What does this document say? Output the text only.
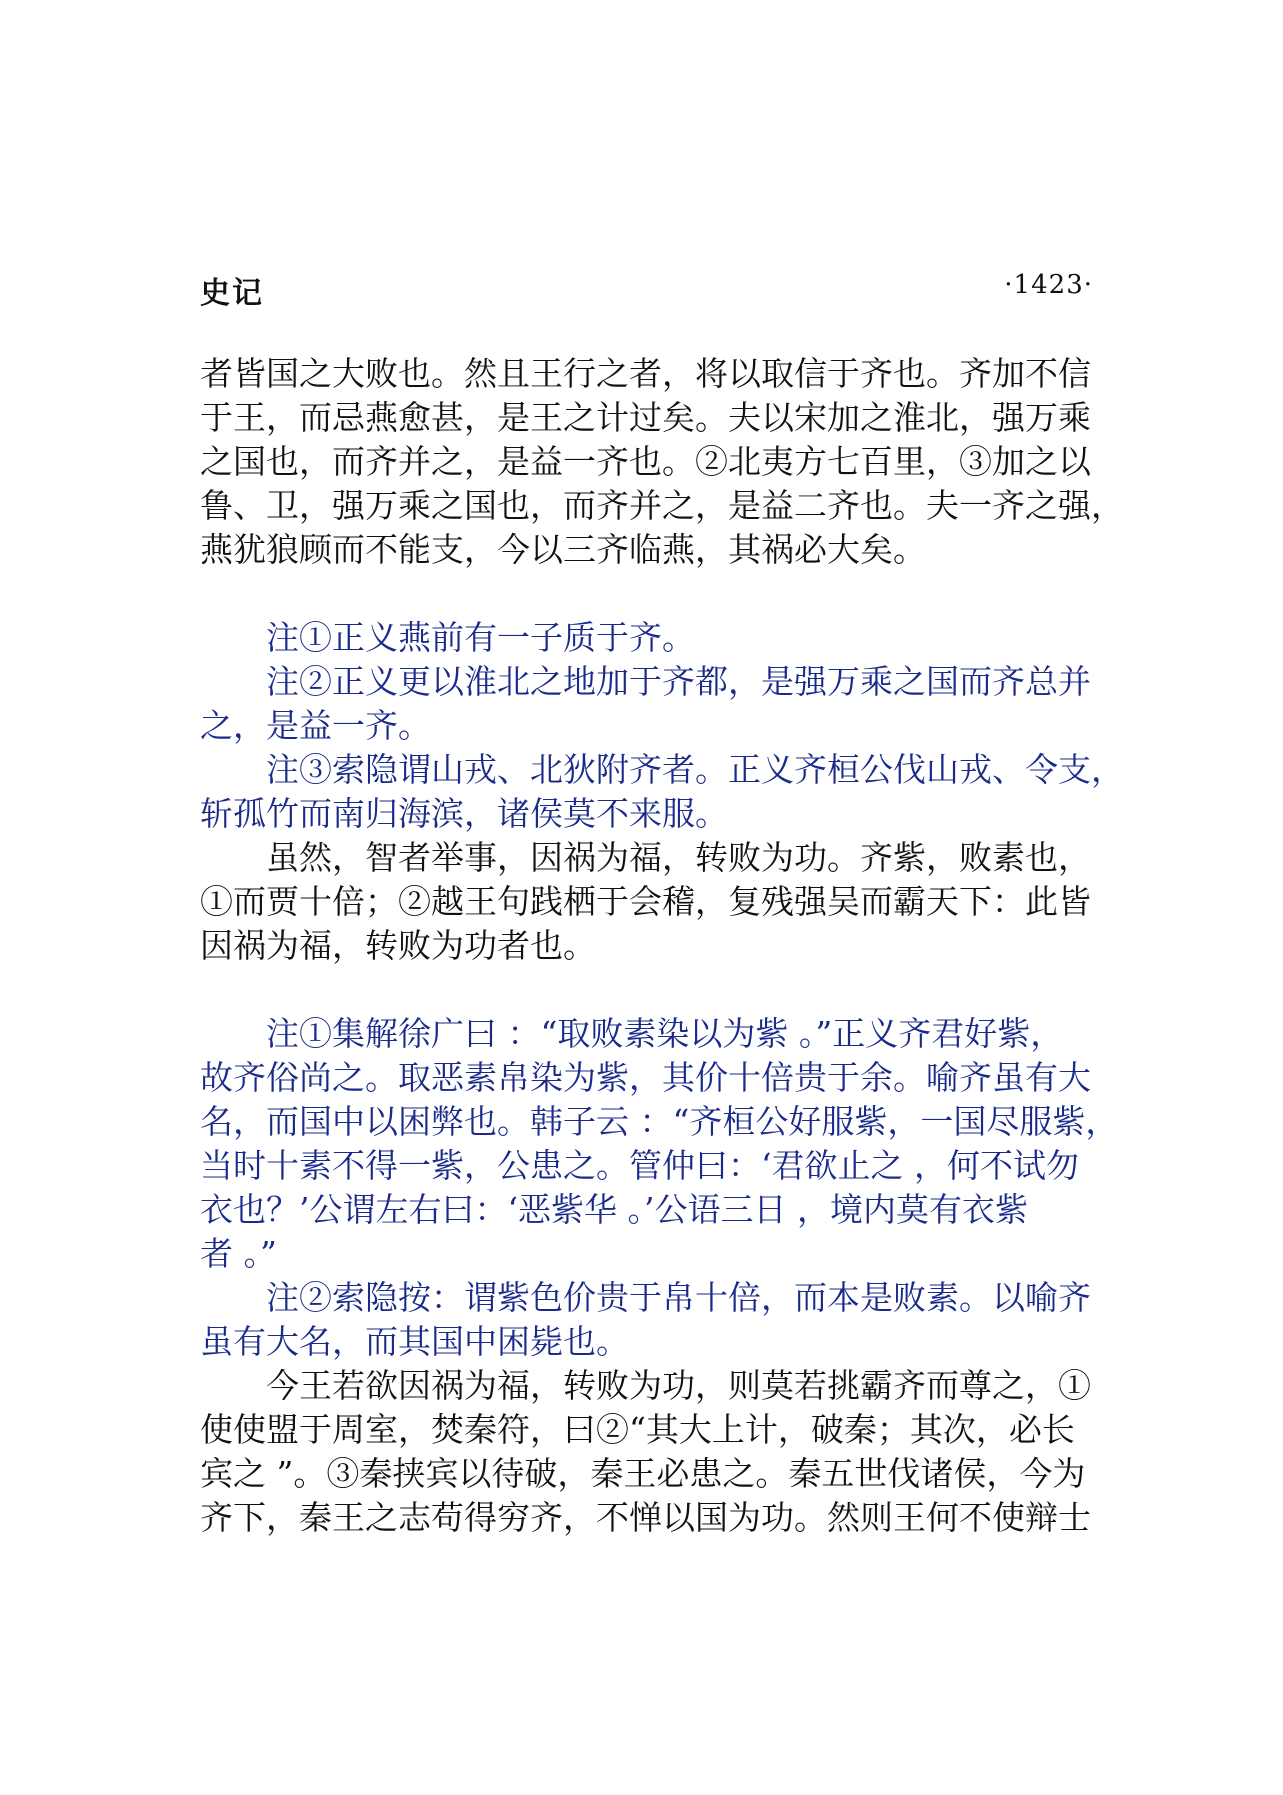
史记	·1423·
者皆国之大败也。然且王行之者，将以取信于齐也。齐加不信
于王，而忌燕愈甚，是王之计过矣。夫以宋加之淮北，强万乘
之国也，而齐并之，是益一齐也。②北夷方七百里，③加之以
鲁、卫，强万乘之国也，而齐并之，是益二齐也。夫一齐之强，
燕犹狼顾而不能支，今以三齐临燕，其祸必大矣。
注①正义燕前有一子质于齐。
注②正义更以淮北之地加于齐都，是强万乘之国而齐总并
之，是益一齐。
注③索隐谓山戎、北狄附齐者。正义齐桓公伐山戎、令支，
斩孤竹而南归海滨，诸侯莫不来服。
虽然，智者举事，因祸为福，转败为功。齐紫，败素也，
①而贾十倍；②越王句践栖于会稽，复残强吴而霸天下：此皆
因祸为福，转败为功者也。
注①集解徐广曰 ：“取败素染以为紫 。”正义齐君好紫，
故齐俗尚之。取恶素帛染为紫，其价十倍贵于余。喻齐虽有大
名，而国中以困弊也。韩子云 ：“齐桓公好服紫，一国尽服紫，
当时十素不得一紫，公患之。管仲曰：‘君欲止之 ，何不试勿
衣也？’公谓左右曰：‘恶紫华 。’公语三日 ，境内莫有衣紫
者 。”
注②索隐按：谓紫色价贵于帛十倍，而本是败素。以喻齐
虽有大名，而其国中困毙也。
今王若欲因祸为福，转败为功，则莫若挑霸齐而尊之，①
使使盟于周室，焚秦符，曰②“其大上计，破秦；其次，必长
宾之 ”。③秦挟宾以待破，秦王必患之。秦五世伐诸侯，今为
齐下，秦王之志苟得穷齐，不惮以国为功。然则王何不使辩士
